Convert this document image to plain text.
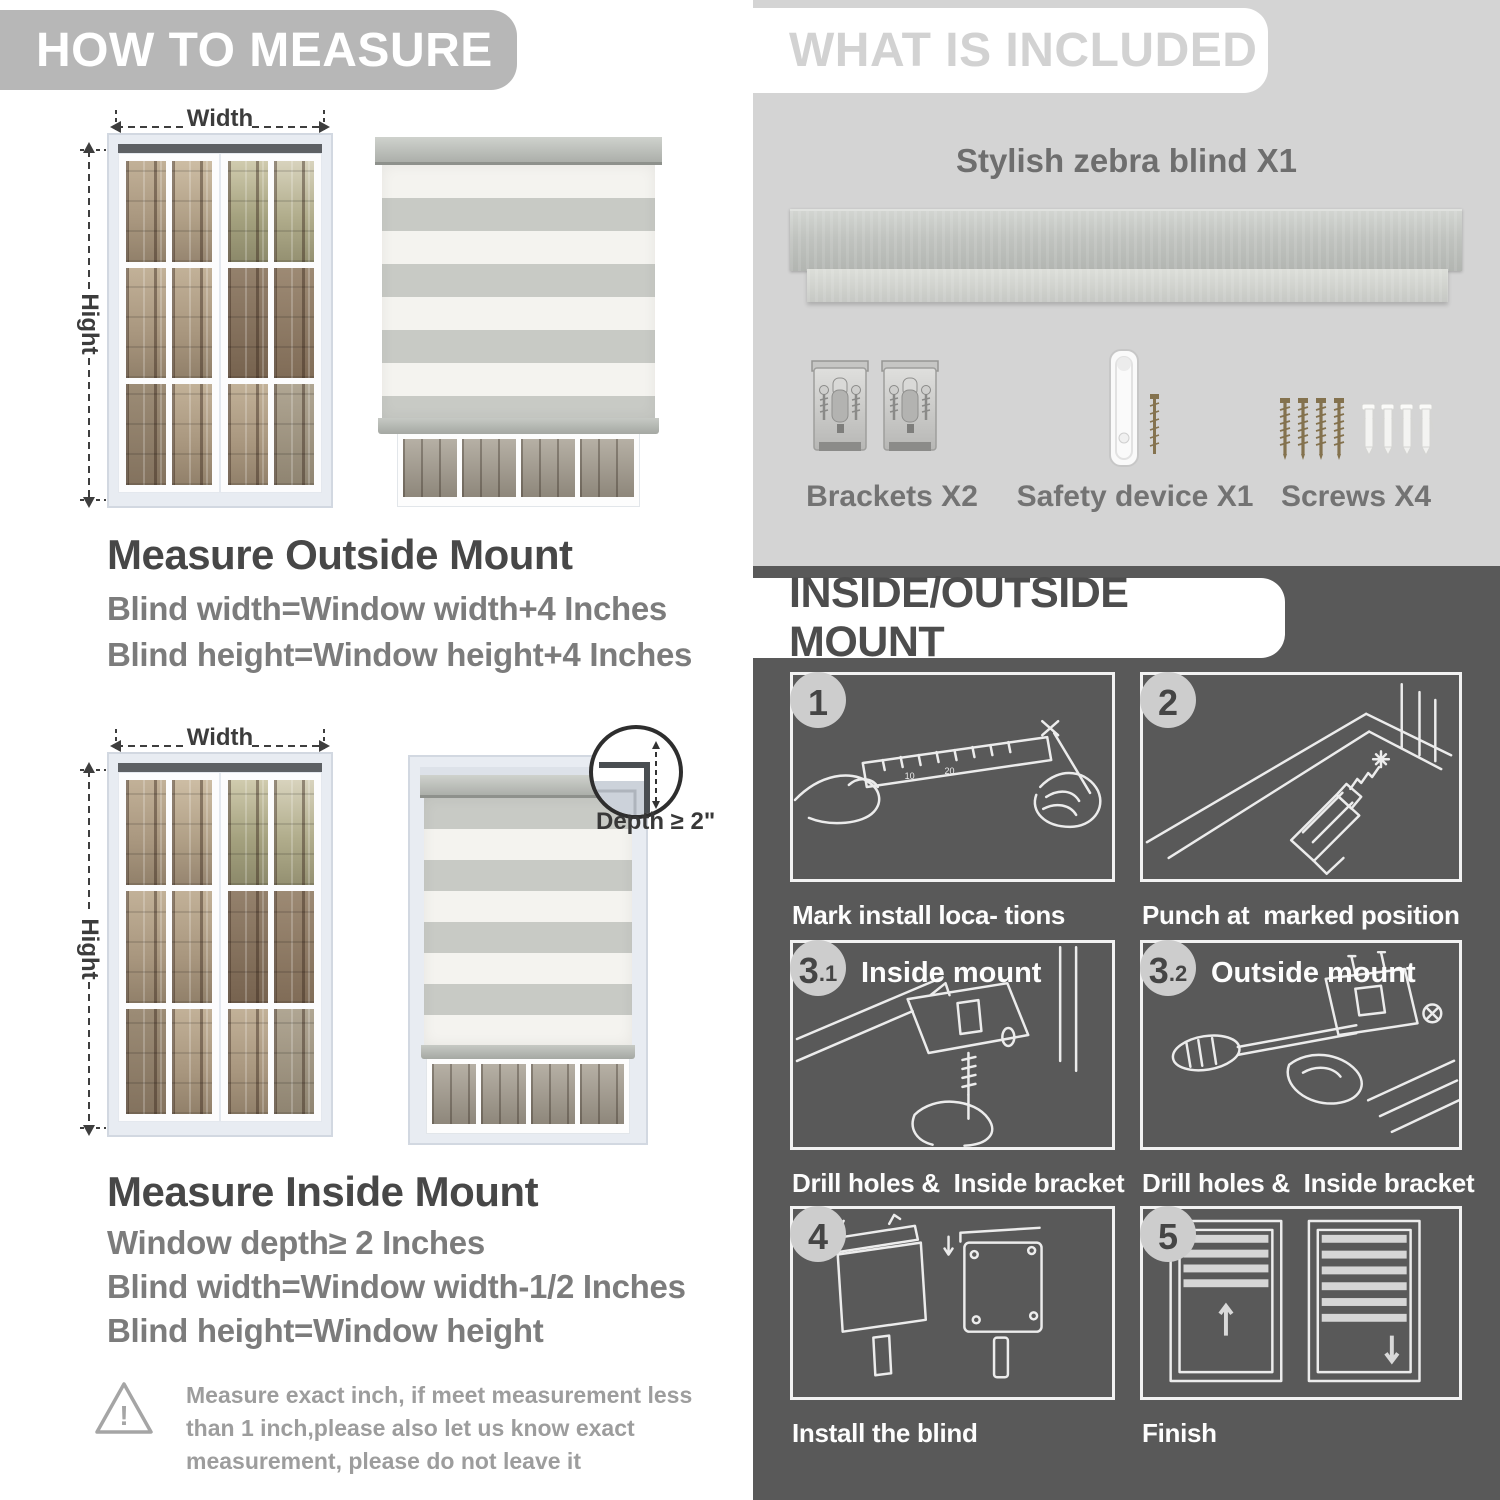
HOW TO MEASURE
Width
Hight
Measure Outside Mount
Blind width=Window width+4 Inches
Blind height=Window height+4 Inches
Width
Hight
Depth ≥ 2"
Measure Inside Mount
Window depth≥ 2 Inches
Blind width=Window width-1/2 Inches
Blind height=Window height
!
Measure exact inch, if meet measurement less
than 1 inch,please also let us know exact
measurement, please do not leave it
WHAT IS INCLUDED
Stylish zebra blind X1
Brackets X2	Safety device X1 Screws X4
INSIDE/OUTSIDE MOUNT
10	20
1
Mark install loca- tions
2
Punch at  marked position
3 .1 Inside mount
Drill holes &  Inside bracket
3 .2 Outside mount
Drill holes &  Inside bracket
4
Install the blind
5
Finish
